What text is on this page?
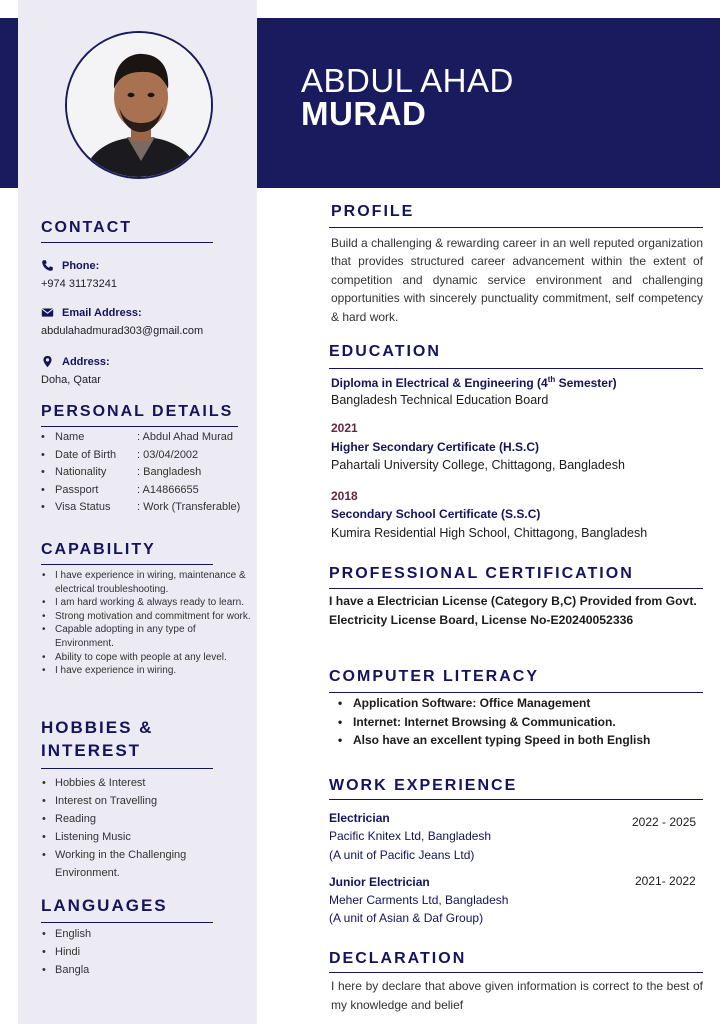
ABDUL AHAD
MURAD
CONTACT
Phone:
+974 31173241
Email Address:
abdulahadmurad303@gmail.com
Address:
Doha, Qatar
PERSONAL DETAILS
• Name	: Abdul Ahad Murad
• Date of Birth	: 03/04/2002
• Nationality	: Bangladesh
• Passport	: A14866655
• Visa Status	: Work (Transferable)
CAPABILITY
• I have experience in wiring, maintenance & electrical troubleshooting.
• I am hard working & always ready to learn.
• Strong motivation and commitment for work.
• Capable adopting in any type of Environment.
• Ability to cope with people at any level.
• I have experience in wiring.
HOBBIES &
INTEREST
• Hobbies & Interest
• Interest on Travelling
• Reading
• Listening Music
• Working in the Challenging
Environment.
LANGUAGES
• English
• Hindi
• Bangla
PROFILE

Build a challenging & rewarding career in an well reputed organization that provides structured career advancement within the extent of competition and dynamic service environment and challenging opportunities with sincerely punctuality commitment, self competency & hard work.

EDUCATION
Diploma in Electrical & Engineering (4th Semester)
Bangladesh Technical Education Board
2021
Higher Secondary Certificate (H.S.C)
Pahartali University College, Chittagong, Bangladesh
2018
Secondary School Certificate (S.S.C)
Kumira Residential High School, Chittagong, Bangladesh
PROFESSIONAL CERTIFICATION

I have a Electrician License (Category B,C) Provided from Govt. Electricity License Board, License No-E20240052336

COMPUTER LITERACY
• Application Software: Office Management
• Internet: Internet Browsing & Communication.
• Also have an excellent typing Speed in both English
WORK EXPERIENCE
Electrician	2022 - 2025
Pacific Knitex Ltd, Bangladesh
(A unit of Pacific Jeans Ltd)
Junior Electrician	2021- 2022
Meher Carments Ltd, Bangladesh
(A unit of Asian & Daf Group)
DECLARATION

I here by declare that above given information is correct to the best of my knowledge and belief
